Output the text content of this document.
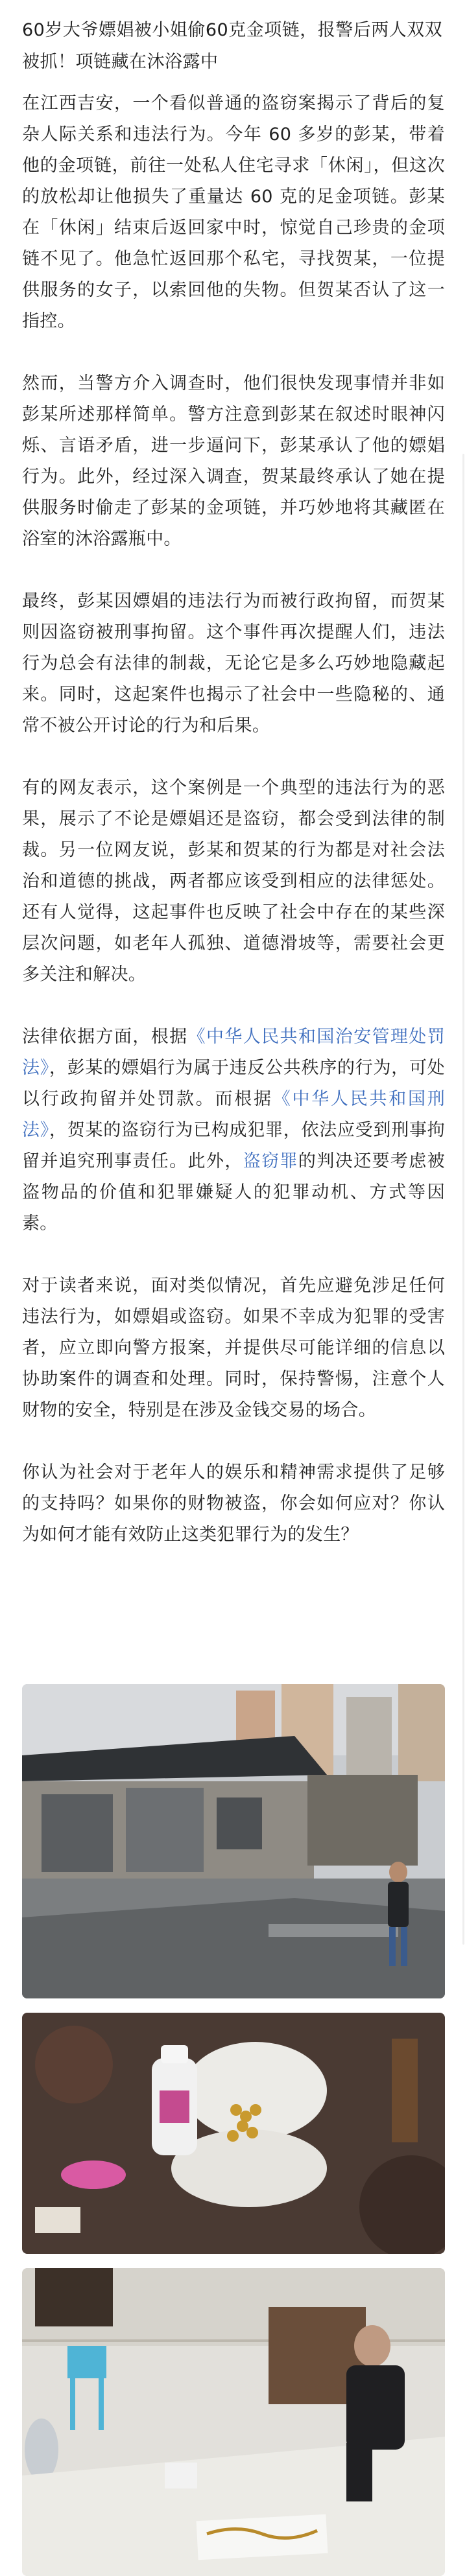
60岁大爷嫖娼被小姐偷60克金项链，报警后两人双双被抓！项链藏在沐浴露中

在江西吉安，一个看似普通的盗窃案揭示了背后的复杂人际关系和违法行为。今年 60 多岁的彭某，带着他的金项链，前往一处私人住宅寻求「休闲」，但这次的放松却让他损失了重量达 60 克的足金项链。彭某在「休闲」结束后返回家中时，惊觉自己珍贵的金项链不见了。他急忙返回那个私宅，寻找贺某，一位提供服务的女子，以索回他的失物。但贺某否认了这一指控。

然而，当警方介入调查时，他们很快发现事情并非如彭某所述那样简单。警方注意到彭某在叙述时眼神闪烁、言语矛盾，进一步逼问下，彭某承认了他的嫖娼行为。此外，经过深入调查，贺某最终承认了她在提供服务时偷走了彭某的金项链，并巧妙地将其藏匿在浴室的沐浴露瓶中。

最终，彭某因嫖娼的违法行为而被行政拘留，而贺某则因盗窃被刑事拘留。这个事件再次提醒人们，违法行为总会有法律的制裁，无论它是多么巧妙地隐藏起来。同时，这起案件也揭示了社会中一些隐秘的、通常不被公开讨论的行为和后果。

有的网友表示，这个案例是一个典型的违法行为的恶果，展示了不论是嫖娼还是盗窃，都会受到法律的制裁。另一位网友说，彭某和贺某的行为都是对社会法治和道德的挑战，两者都应该受到相应的法律惩处。还有人觉得，这起事件也反映了社会中存在的某些深层次问题，如老年人孤独、道德滑坡等，需要社会更多关注和解决。

法律依据方面，根据《中华人民共和国治安管理处罚法》，彭某的嫖娼行为属于违反公共秩序的行为，可处以行政拘留并处罚款。而根据《中华人民共和国刑法》，贺某的盗窃行为已构成犯罪，依法应受到刑事拘留并追究刑事责任。此外，盗窃罪的判决还要考虑被盗物品的价值和犯罪嫌疑人的犯罪动机、方式等因素。

对于读者来说，面对类似情况，首先应避免涉足任何违法行为，如嫖娼或盗窃。如果不幸成为犯罪的受害者，应立即向警方报案，并提供尽可能详细的信息以协助案件的调查和处理。同时，保持警惕，注意个人财物的安全，特别是在涉及金钱交易的场合。

你认为社会对于老年人的娱乐和精神需求提供了足够的支持吗？如果你的财物被盗，你会如何应对？你认为如何才能有效防止这类犯罪行为的发生？
